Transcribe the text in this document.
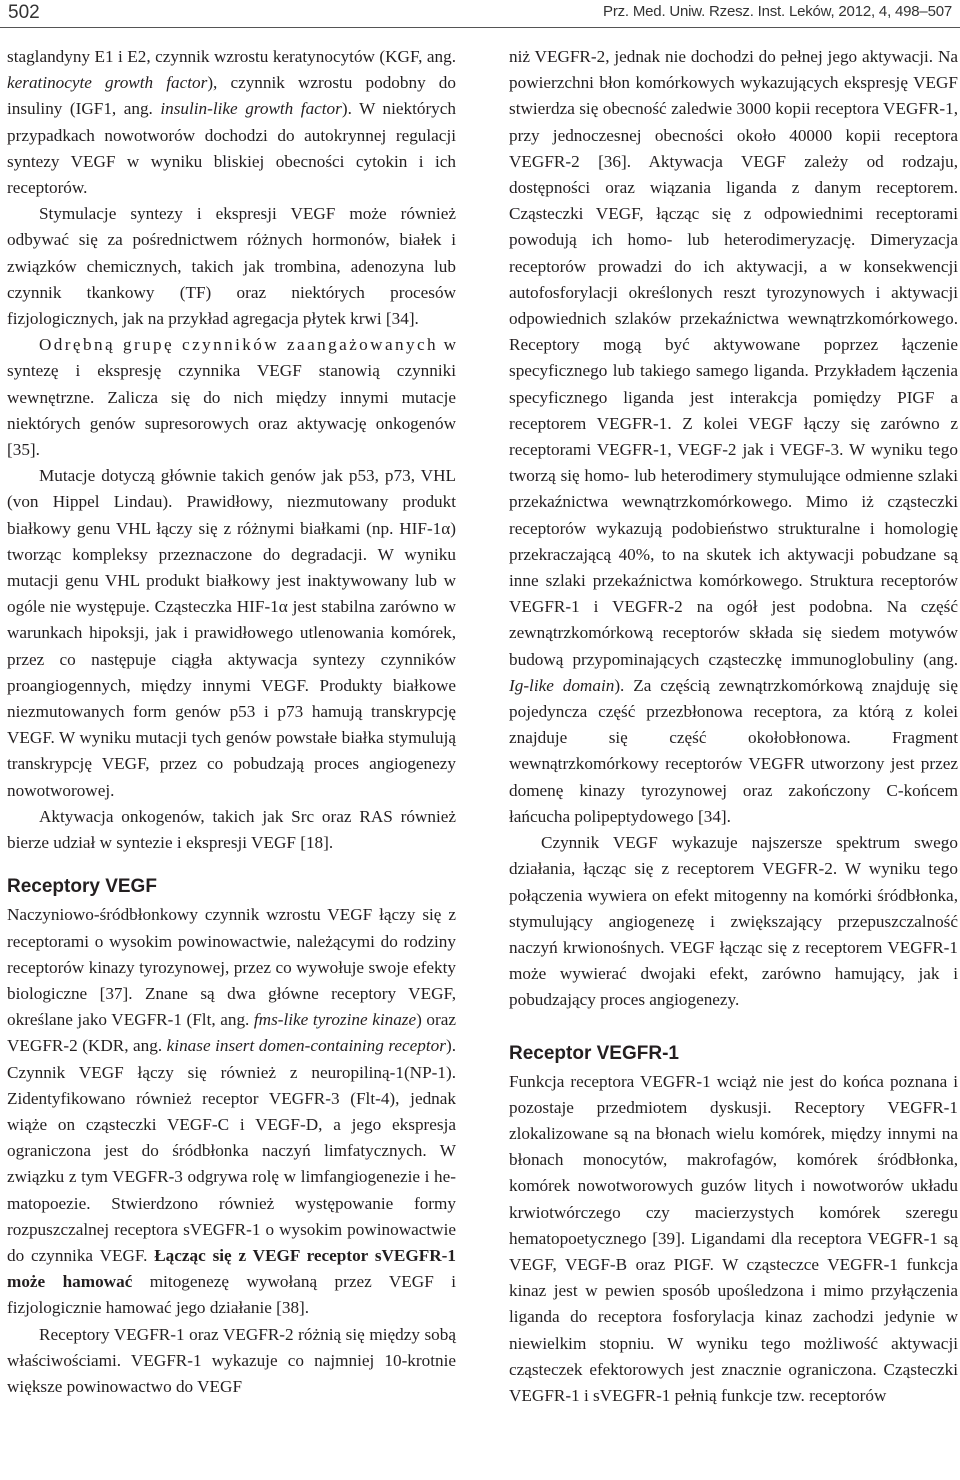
502	Prz. Med. Uniw. Rzesz. Inst. Leków, 2012, 4, 498–507

staglandyny E1 i E2, czynnik wzrostu keratynocytów (KGF, ang. keratinocyte growth factor), czynnik wzrostu podobny do insuliny (IGF1, ang. insulin-like growth factor). W niektórych przypadkach nowotworów dochodzi do autokrynnej regulacji syntezy VEGF w wyniku bliskiej obecności cytokin i ich receptorów.

Stymulacje syntezy i ekspresji VEGF może również odbywać się za pośrednictwem różnych hormonów, białek i związków chemicznych, takich jak trombina, adenozyna lub czynnik tkankowy (TF) oraz niektórych procesów fizjologicznych, jak na przykład agregacja płytek krwi [34].

Odrębną grupę czynników zaangażowanych w syntezę i ekspresję czynnika VEGF stanowią czynniki wewnętrzne. Zalicza się do nich między innymi mutacje niektórych genów supresorowych oraz aktywację onkogenów [35].

Mutacje dotyczą głównie takich genów jak p53, p73, VHL (von Hippel Lindau). Prawidłowy, niezmutowany produkt białkowy genu VHL łączy się z różnymi białkami (np. HIF-1α) tworząc kompleksy przeznaczone do degradacji. W wyniku mutacji genu VHL produkt białkowy jest inaktywowany lub w ogóle nie występuje. Cząsteczka HIF-1α jest stabilna zarówno w warunkach hipoksji, jak i prawidłowego utlenowania komórek, przez co następuje ciągła aktywacja syntezy czynników proangiogennych, między innymi VEGF. Produkty białkowe niezmutowanych form genów p53 i p73 hamują transkrypcję VEGF. W wyniku mutacji tych genów powstałe białka stymulują transkrypcję VEGF, przez co pobudzają proces angiogenezy nowotworowej.

Aktywacja onkogenów, takich jak Src oraz RAS również bierze udział w syntezie i ekspresji VEGF [18].

Receptory VEGF

Naczyniowo-śródbłonkowy czynnik wzrostu VEGF łączy się z receptorami o wysokim powinowactwie, należącymi do rodziny receptorów kinazy tyrozynowej, przez co wywołuje swoje efekty biologiczne [37]. Znane są dwa główne receptory VEGF, określane jako VEGFR-1 (Flt, ang. fms-like tyrozine kinaze) oraz VEGFR-2 (KDR, ang. kinase insert domen-containing receptor). Czynnik VEGF łączy się również z neuropiliną-1(NP-1). Zidentyfikowano również receptor VEGFR-3 (Flt-4), jednak wiąże on cząsteczki VEGF-C i VEGF-D, a jego ekspresja ograniczona jest do śródbłonka naczyń limfatycznych. W związku z tym VEGFR-3 odgrywa rolę w limfangiogenezie i hematopoezie. Stwierdzono również występowanie formy rozpuszczalnej receptora sVEGFR-1 o wysokim powinowactwie do czynnika VEGF. Łącząc się z VEGF receptor sVEGFR-1 może hamować mitogenezę wywołaną przez VEGF i fizjologicznie hamować jego działanie [38].

Receptory VEGFR-1 oraz VEGFR-2 różnią się między sobą właściwościami. VEGFR-1 wykazuje co najmniej 10-krotnie większe powinowactwo do VEGF

niż VEGFR-2, jednak nie dochodzi do pełnej jego aktywacji. Na powierzchni błon komórkowych wykazujących ekspresję VEGF stwierdza się obecność zaledwie 3000 kopii receptora VEGFR-1, przy jednoczesnej obecności około 40000 kopii receptora VEGFR-2 [36]. Aktywacja VEGF zależy od rodzaju, dostępności oraz wiązania liganda z danym receptorem. Cząsteczki VEGF, łącząc się z odpowiednimi receptorami powodują ich homo- lub heterodimeryzację. Dimeryzacja receptorów prowadzi do ich aktywacji, a w konsekwencji autofosforylacji określonych reszt tyrozynowych i aktywacji odpowiednich szlaków przekaźnictwa wewnątrzkomórkowego. Receptory mogą być aktywowane poprzez łączenie specyficznego lub takiego samego liganda. Przykładem łączenia specyficznego liganda jest interakcja pomiędzy PIGF a receptorem VEGFR-1. Z kolei VEGF łączy się zarówno z receptorami VEGFR-1, VEGF-2 jak i VEGF-3. W wyniku tego tworzą się homo- lub heterodimery stymulujące odmienne szlaki przekaźnictwa wewnątrzkomórkowego. Mimo iż cząsteczki receptorów wykazują podobieństwo strukturalne i homologię przekraczającą 40%, to na skutek ich aktywacji pobudzane są inne szlaki przekaźnictwa komórkowego. Struktura receptorów VEGFR-1 i VEGFR-2 na ogół jest podobna. Na część zewnątrzkomórkową receptorów składa się siedem motywów budową przypominających cząsteczkę immunoglobuliny (ang. Ig-like domain). Za częścią zewnątrzkomórkową znajduję się pojedyncza część przezbłonowa receptora, za którą z kolei znajduje się część okołobłonowa. Fragment wewnątrzkomórkowy receptorów VEGFR utworzony jest przez domenę kinazy tyrozynowej oraz zakończony C-końcem łańcucha polipeptydowego [34].

Czynnik VEGF wykazuje najszersze spektrum swego działania, łącząc się z receptorem VEGFR-2. W wyniku tego połączenia wywiera on efekt mitogenny na komórki śródbłonka, stymulujący angiogenezę i zwiększający przepuszczalność naczyń krwionośnych. VEGF łącząc się z receptorem VEGFR-1 może wywierać dwojaki efekt, zarówno hamujący, jak i pobudzający proces angiogenezy.

Receptor VEGFR-1

Funkcja receptora VEGFR-1 wciąż nie jest do końca poznana i pozostaje przedmiotem dyskusji. Receptory VEGFR-1 zlokalizowane są na błonach wielu komórek, między innymi na błonach monocytów, makrofagów, komórek śródbłonka, komórek nowotworowych guzów litych i nowotworów układu krwiotwórczego czy macierzystych komórek szeregu hematopoetycznego [39]. Ligandami dla receptora VEGFR-1 są VEGF, VEGF-B oraz PIGF. W cząsteczce VEGFR-1 funkcja kinaz jest w pewien sposób upośledzona i mimo przyłączenia liganda do receptora fosforylacja kinaz zachodzi jedynie w niewielkim stopniu. W wyniku tego możliwość aktywacji cząsteczek efektorowych jest znacznie ograniczona. Cząsteczki VEGFR-1 i sVEGFR-1 pełnią funkcje tzw. receptorów
